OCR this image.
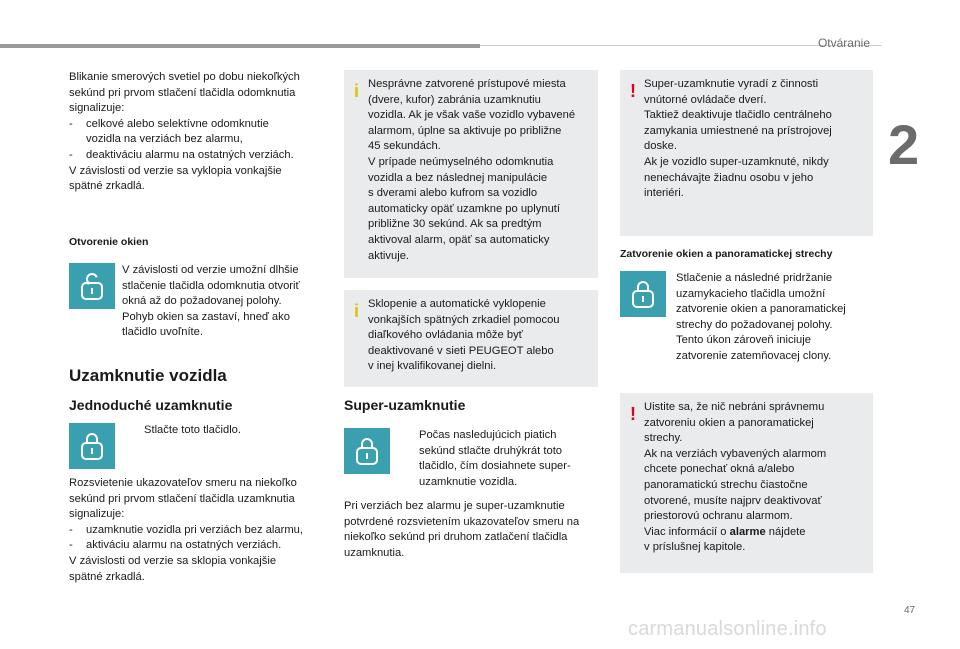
Otváranie
2
47
carmanualsonline.info

Blikanie smerových svetiel po dobu niekoľkých

sekúnd pri prvom stlačení tlačidla odomknutia

signalizuje:

-	celkové alebo selektívne odomknutie

vozidla na verziách bez alarmu,

-	deaktiváciu alarmu na ostatných verziách.

V závislosti od verzie sa vyklopia vonkajšie

spätné zrkadlá.

Otvorenie okien

V závislosti od verzie umožní dlhšie

stlačenie tlačidla odomknutia otvoriť

okná až do požadovanej polohy.

Pohyb okien sa zastaví, hneď ako

tlačidlo uvoľníte.

Uzamknutie vozidla
Jednoduché uzamknutie
Stlačte toto tlačidlo.

Rozsvietenie ukazovateľov smeru na niekoľko

sekúnd pri prvom stlačení tlačidla uzamknutia

signalizuje:

-	uzamknutie vozidla pri verziách bez alarmu,

-	aktiváciu alarmu na ostatných verziách.

V závislosti od verzie sa sklopia vonkajšie

spätné zrkadlá.

i Nesprávne zatvorené prístupové miesta

(dvere, kufor) zabránia uzamknutiu

vozidla. Ak je však vaše vozidlo vybavené

alarmom, úplne sa aktivuje po približne

45 sekundách.

V prípade neúmyselného odomknutia

vozidla a bez následnej manipulácie

s dverami alebo kufrom sa vozidlo

automaticky opäť uzamkne po uplynutí

približne 30 sekúnd. Ak sa predtým

aktivoval alarm, opäť sa automaticky

aktivuje.

i Sklopenie a automatické vyklopenie

vonkajších spätných zrkadiel pomocou

diaľkového ovládania môže byť

deaktivované v sieti PEUGEOT alebo

v inej kvalifikovanej dielni.

Super-uzamknutie

Počas nasledujúcich piatich

sekúnd stlačte druhýkrát toto

tlačidlo, čím dosiahnete super-

uzamknutie vozidla.

Pri verziách bez alarmu je super-uzamknutie

potvrdené rozsvietením ukazovateľov smeru na

niekoľko sekúnd pri druhom zatlačení tlačidla

uzamknutia.

! Super-uzamknutie vyradí z činnosti

vnútorné ovládače dverí.

Taktiež deaktivuje tlačidlo centrálneho

zamykania umiestnené na prístrojovej

doske.

Ak je vozidlo super-uzamknuté, nikdy

nenechávajte žiadnu osobu v jeho

interiéri.

Zatvorenie okien a panoramatickej strechy

Stlačenie a následné pridržanie

uzamykacieho tlačidla umožní

zatvorenie okien a panoramatickej

strechy do požadovanej polohy.

Tento úkon zároveň iniciuje

zatvorenie zatemňovacej clony.

! Uistite sa, že nič nebráni správnemu

zatvoreniu okien a panoramatickej

strechy.

Ak na verziách vybavených alarmom

chcete ponechať okná a/alebo

panoramatickú strechu čiastočne

otvorené, musíte najprv deaktivovať

priestorovú ochranu alarmom.

Viac informácií o alarme nájdete

v príslušnej kapitole.
